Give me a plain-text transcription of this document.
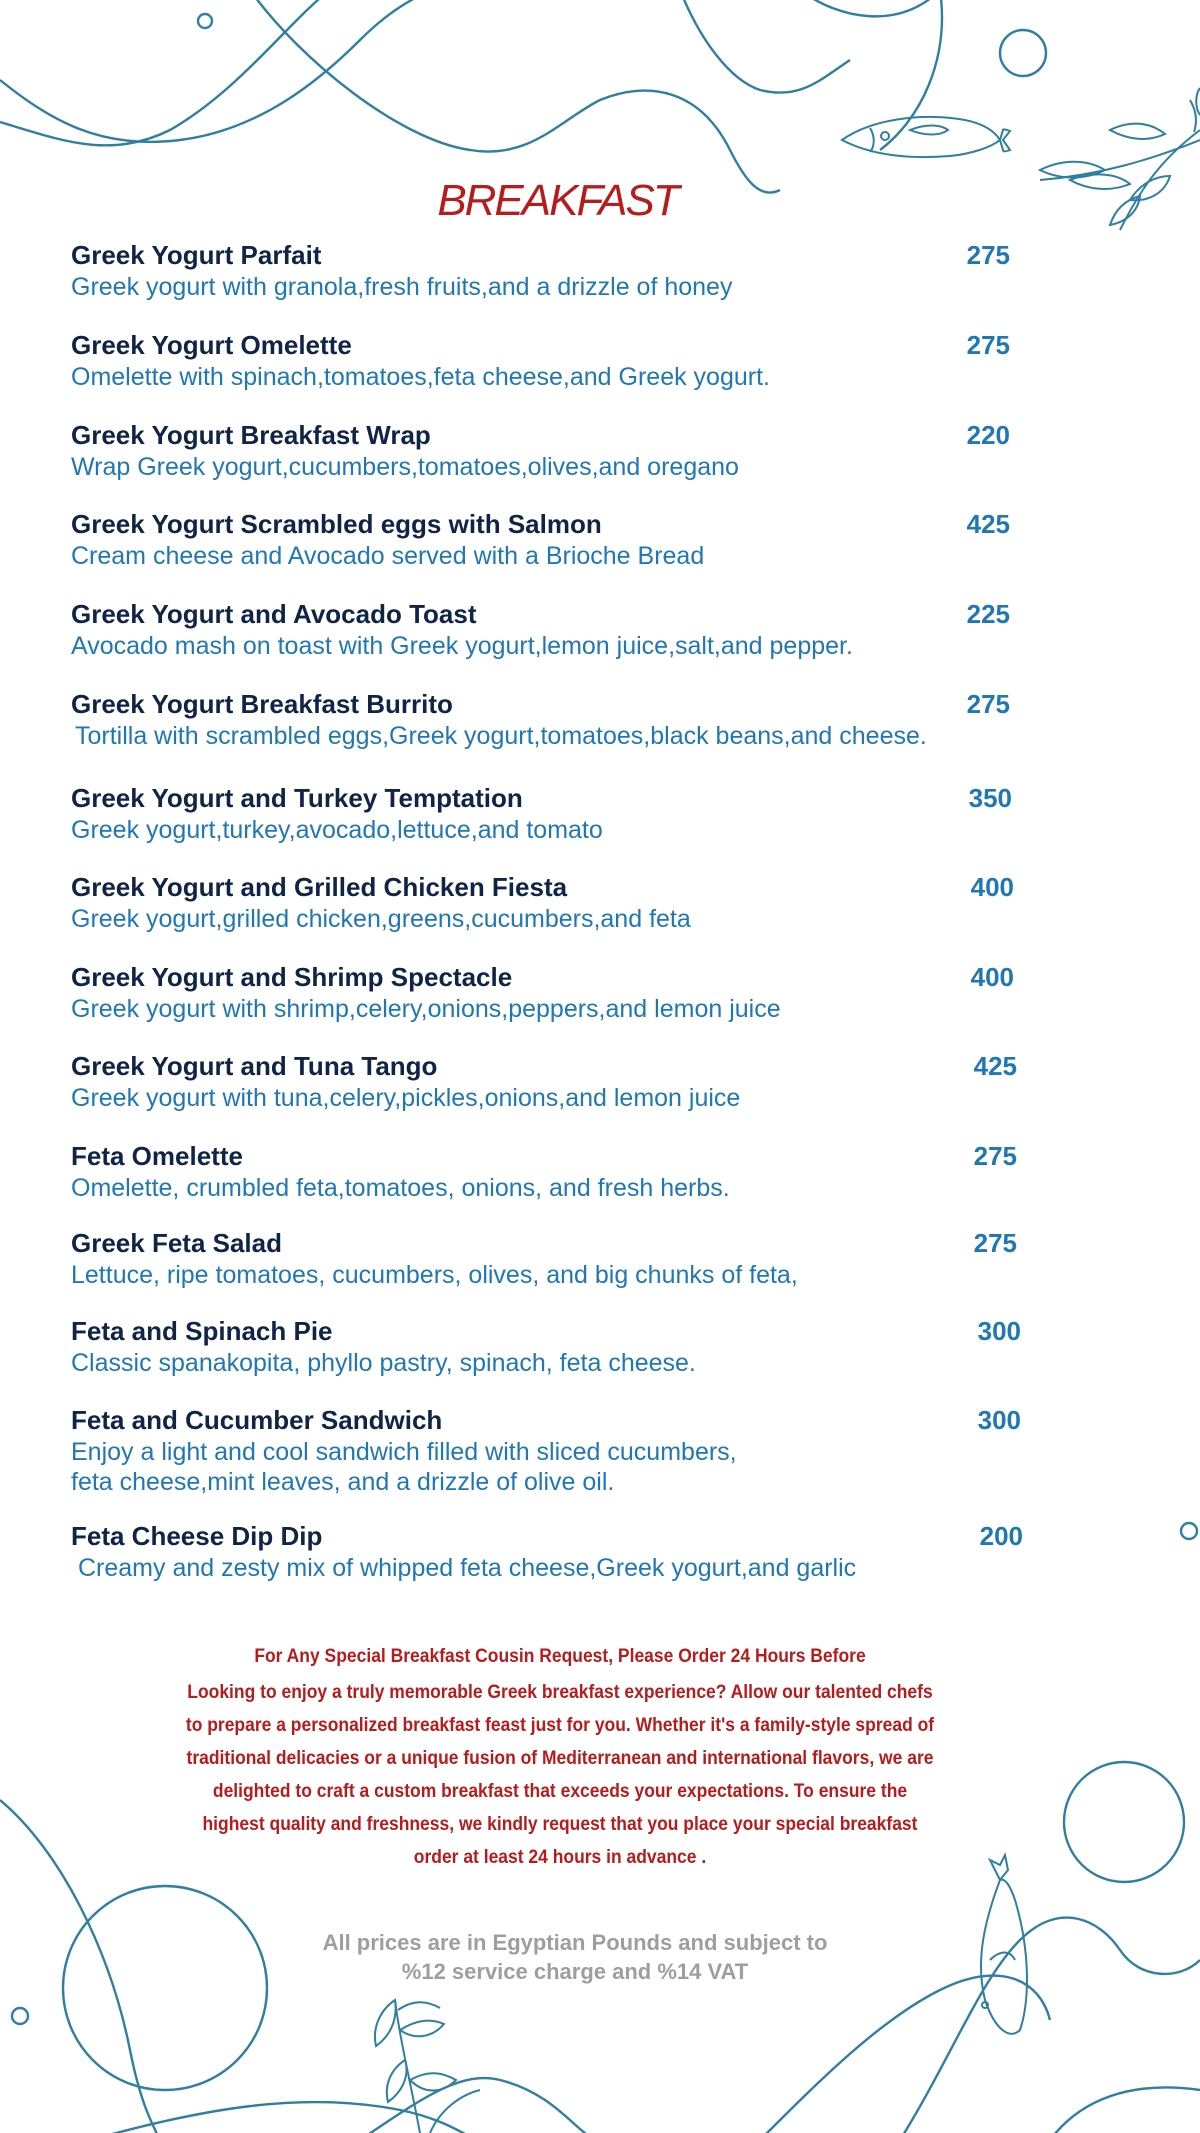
BREAKFAST
Greek Yogurt Parfait
Greek yogurt with granola,fresh fruits,and a drizzle of honey
275
Greek Yogurt Omelette
Omelette with spinach,tomatoes,feta cheese,and Greek yogurt.
275
Greek Yogurt Breakfast Wrap
Wrap Greek yogurt,cucumbers,tomatoes,olives,and oregano
220
Greek Yogurt Scrambled eggs with Salmon
Cream cheese and Avocado served with a Brioche Bread
425
Greek Yogurt and Avocado Toast
Avocado mash on toast with Greek yogurt,lemon juice,salt,and pepper.
225
Greek Yogurt Breakfast Burrito
Tortilla with scrambled eggs,Greek yogurt,tomatoes,black beans,and cheese.
275
Greek Yogurt and Turkey Temptation
Greek yogurt,turkey,avocado,lettuce,and tomato
350
Greek Yogurt and Grilled Chicken Fiesta
Greek yogurt,grilled chicken,greens,cucumbers,and feta
400
Greek Yogurt and Shrimp Spectacle
Greek yogurt with shrimp,celery,onions,peppers,and lemon juice
400
Greek Yogurt and Tuna Tango
Greek yogurt with tuna,celery,pickles,onions,and lemon juice
425
Feta Omelette
Omelette, crumbled feta,tomatoes, onions, and fresh herbs.
275
Greek Feta Salad
Lettuce, ripe tomatoes, cucumbers, olives, and big chunks of feta,
275
Feta and Spinach Pie
Classic spanakopita, phyllo pastry, spinach, feta cheese.
300
Feta and Cucumber Sandwich
Enjoy a light and cool sandwich filled with sliced cucumbers,
feta cheese,mint leaves, and a drizzle of olive oil.
300
Feta Cheese Dip Dip
Creamy and zesty mix of whipped feta cheese,Greek yogurt,and garlic
200
For Any Special Breakfast Cousin Request, Please Order 24 Hours Before
Looking to enjoy a truly memorable Greek breakfast experience? Allow our talented chefs
to prepare a personalized breakfast feast just for you. Whether it's a family-style spread of
traditional delicacies or a unique fusion of Mediterranean and international flavors, we are
delighted to craft a custom breakfast that exceeds your expectations. To ensure the
highest quality and freshness, we kindly request that you place your special breakfast
order at least 24 hours in advance .
All prices are in Egyptian Pounds and subject to
%12 service charge and %14 VAT
